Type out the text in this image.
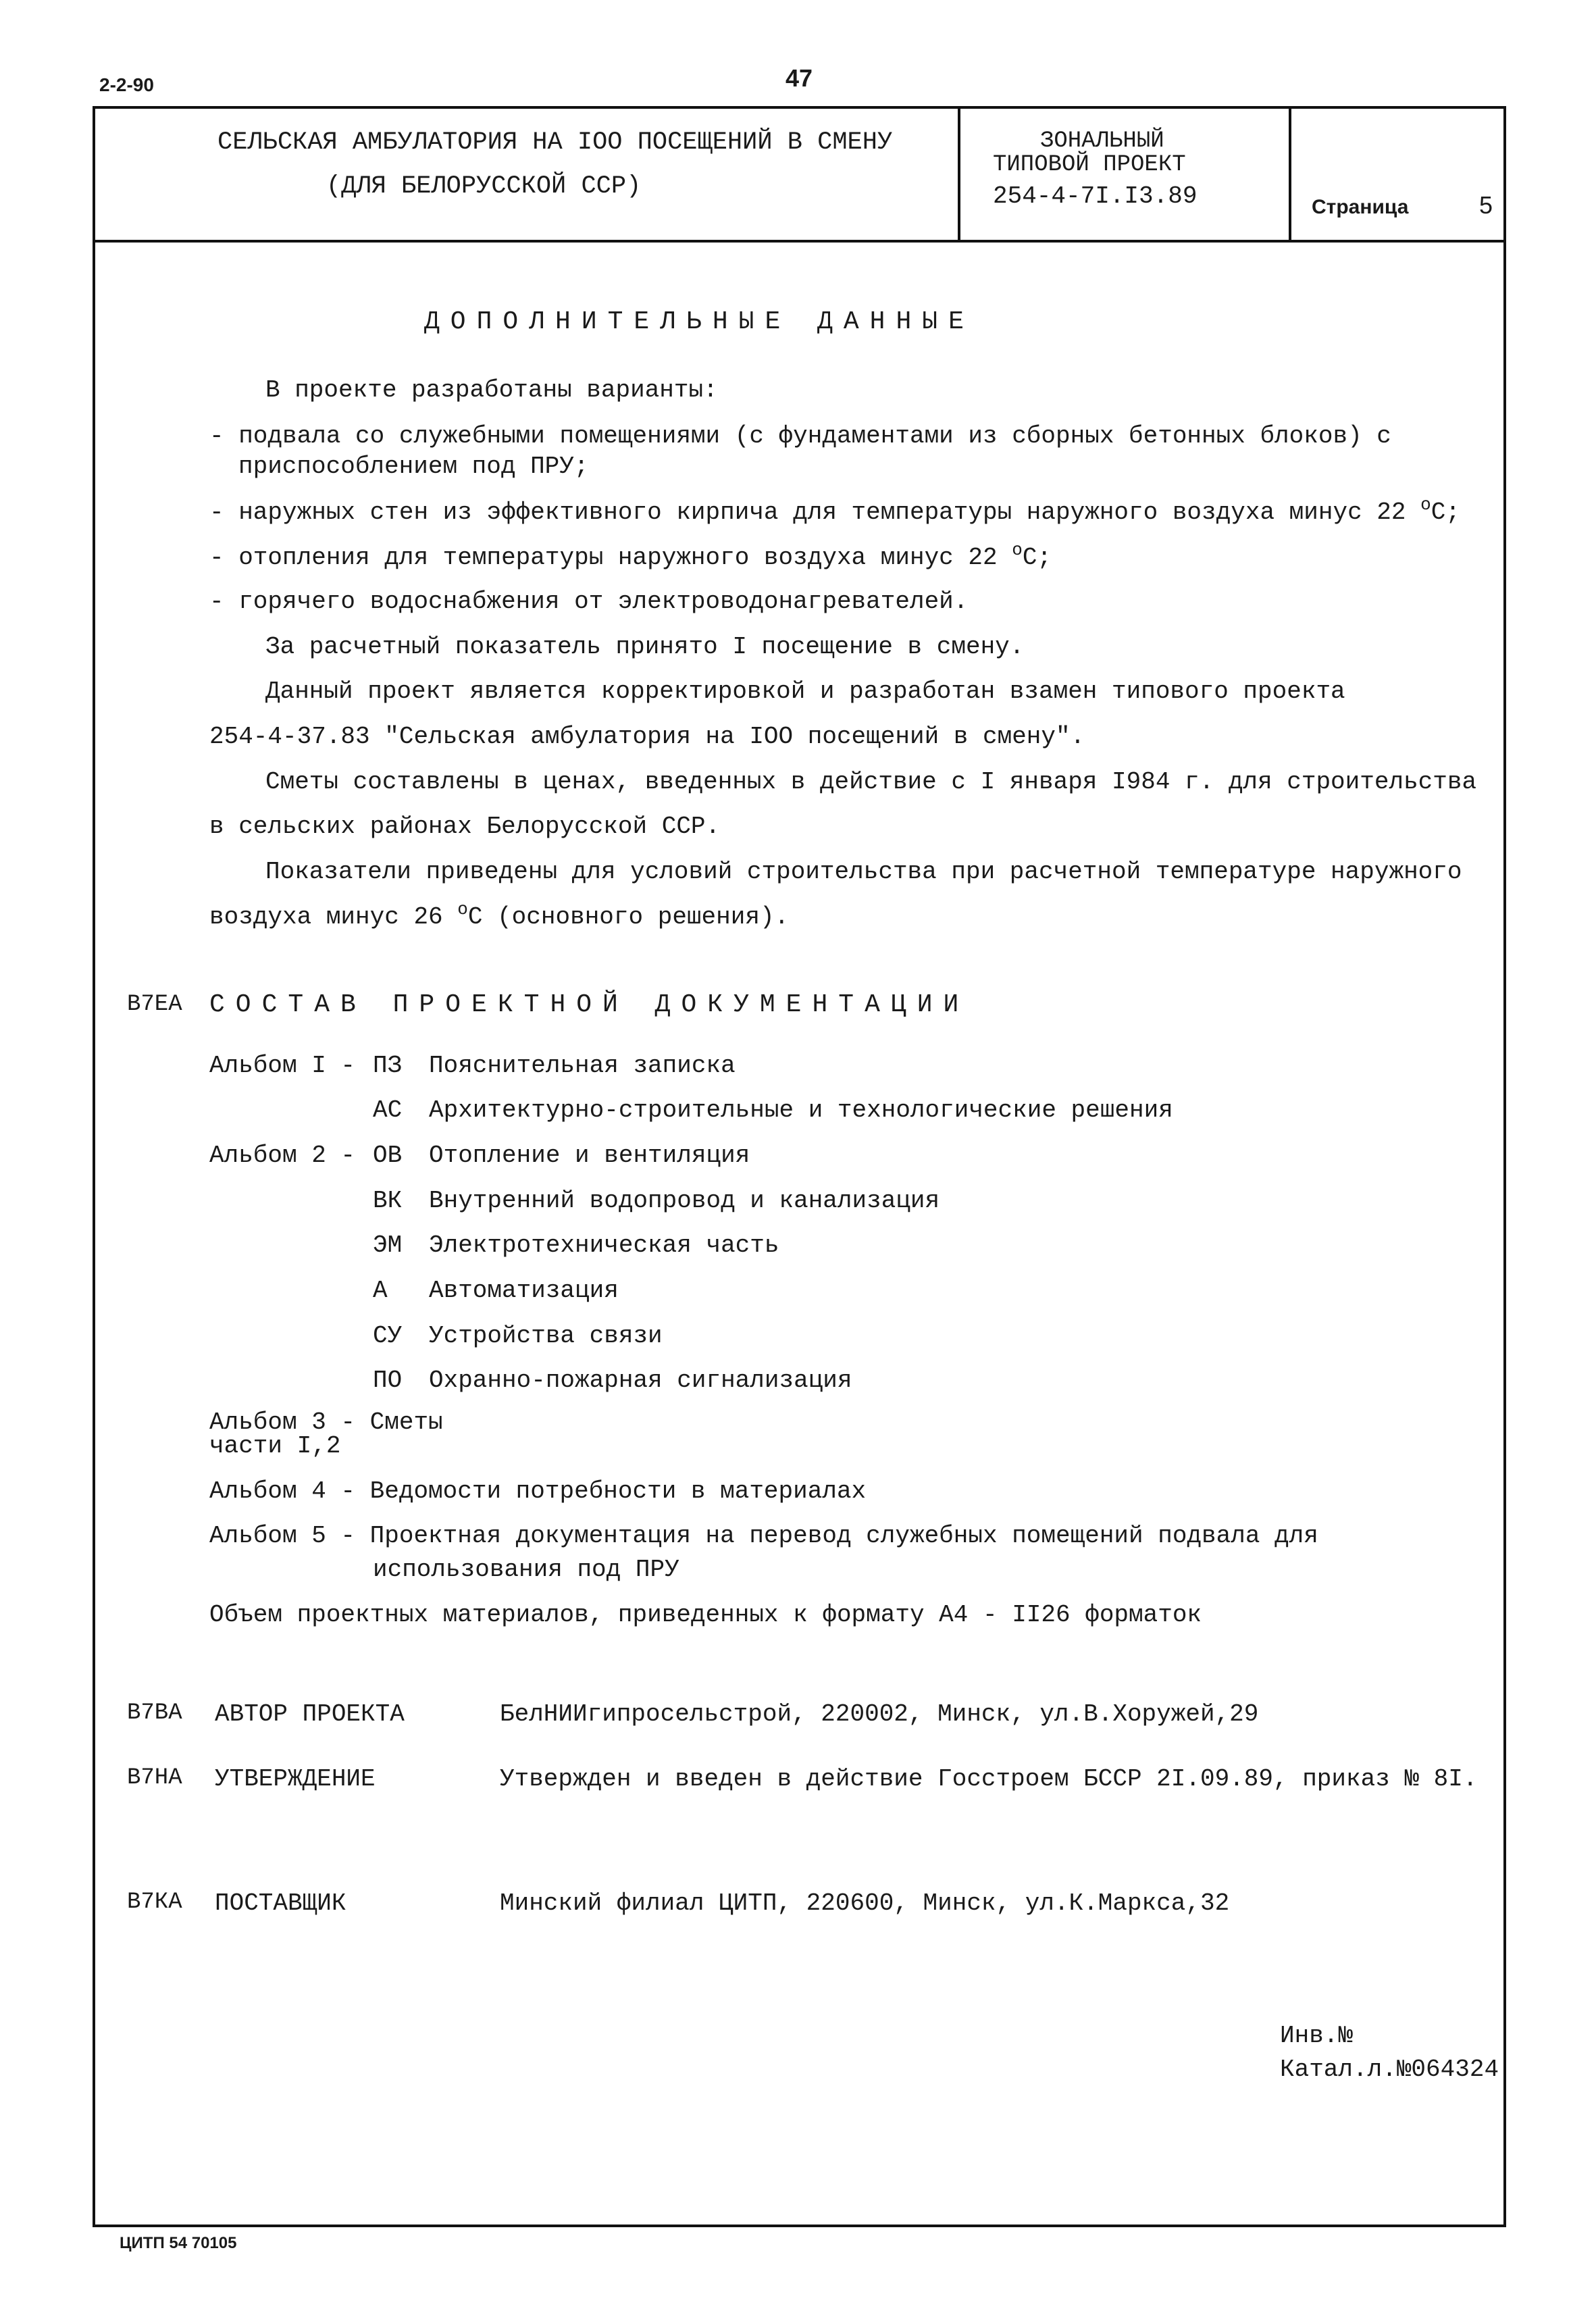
2-2-90	47
СЕЛЬСКАЯ АМБУЛАТОРИЯ НА IOO ПОСЕЩЕНИЙ В СМЕНУ
(ДЛЯ БЕЛОРУССКОЙ ССР)
ЗОНАЛЬНЫЙ
ТИПОВОЙ ПРОЕКТ
254-4-7I.I3.89	Страница	5
ДОПОЛНИТЕЛЬНЫЕ ДАННЫЕ
В проекте разработаны варианты:
- подвала со служебными помещениями (с фундаментами из сборных бетонных блоков) с
приспособлением под ПРУ;
- наружных стен из эффективного кирпича для температуры наружного воздуха минус 22 $^о$С;
- отопления для температуры наружного воздуха минус 22 $^о$С;
- горячего водоснабжения от электроводонагревателей.
За расчетный показатель принято I посещение в смену.
Данный проект является корректировкой и разработан взамен типового проекта
254-4-37.83 "Сельская амбулатория на IOO посещений в смену".
Сметы составлены в ценах, введенных в действие с I января I984 г. для строительства
в сельских районах Белорусской ССР.
Показатели приведены для условий строительства при расчетной температуре наружного
воздуха минус 26 $^о$С (основного решения).
В7ЕА СОСТАВ ПРОЕКТНОЙ ДОКУМЕНТАЦИИ
Альбом I - ПЗ Пояснительная записка
АС Архитектурно-строительные и технологические решения
Альбом 2 - ОВ Отопление и вентиляция
ВК Внутренний водопровод и канализация
ЭМ Электротехническая часть
А Автоматизация
СУ Устройства связи
ПО Охранно-пожарная сигнализация
Альбом 3 - Сметы
части I,2
Альбом 4 - Ведомости потребности в материалах
Альбом 5 - Проектная документация на перевод служебных помещений подвала для
использования под ПРУ
Объем проектных материалов, приведенных к формату А4 - II26 форматок
В7ВА АВТОР ПРОЕКТА	БелНИИгипросельстрой, 220002, Минск, ул.В.Хоружей,29
В7НА УТВЕРЖДЕНИЕ	Утвержден и введен в действие Госстроем БССР 2I.09.89, приказ № 8I.
В7КА ПОСТАВЩИК	Минский филиал ЦИТП, 220600, Минск, ул.К.Маркса,32
Инв.№
Катал.л.№064324
ЦИТП 54 70105
